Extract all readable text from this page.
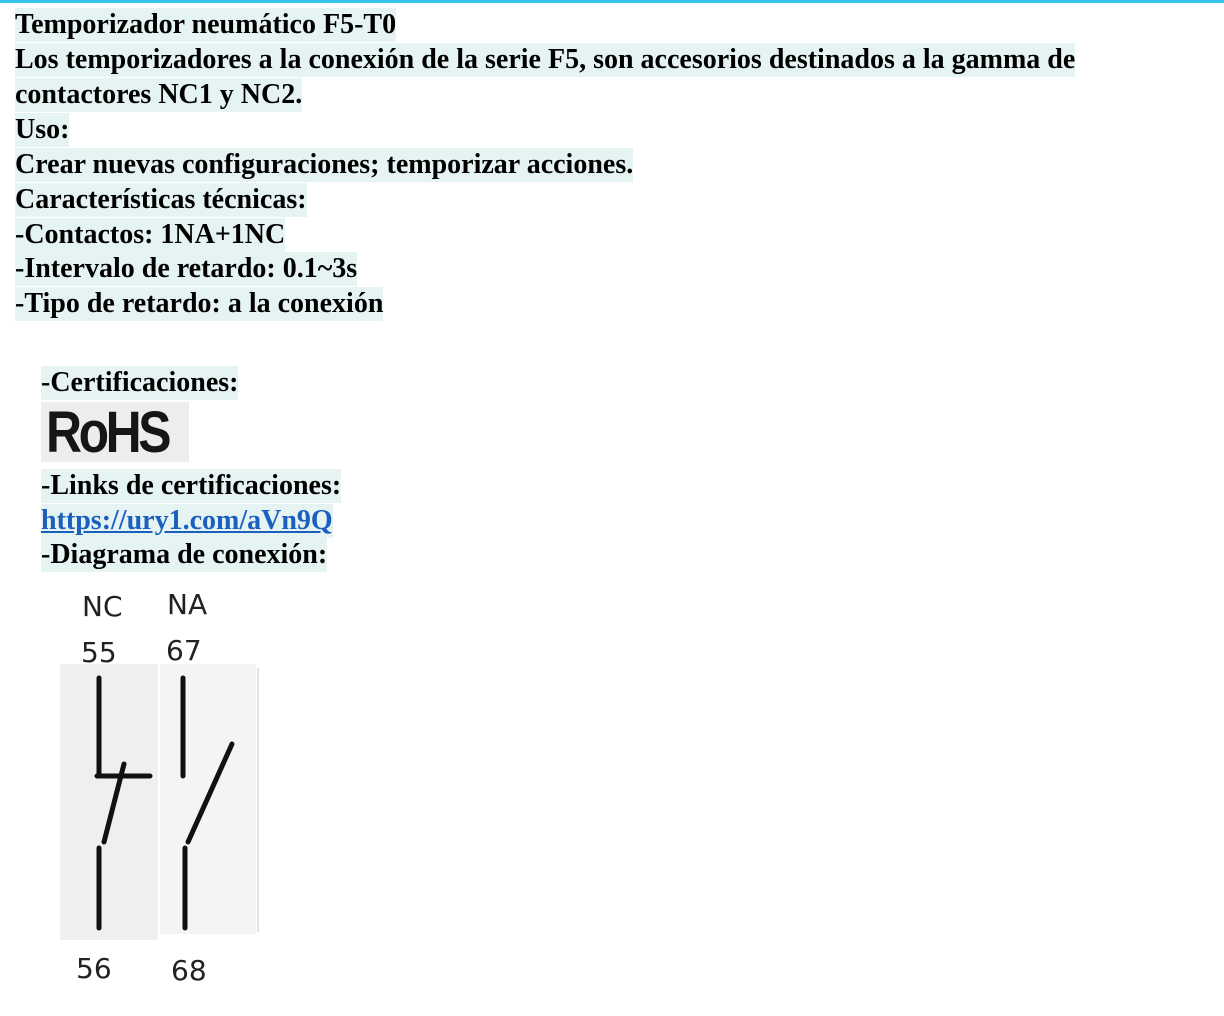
Temporizador neumático F5-T0
Los temporizadores a la conexión de la serie F5, son accesorios destinados a la gamma de
contactores NC1 y NC2.
Uso:
Crear nuevas configuraciones; temporizar acciones.
Características técnicas:
-Contactos: 1NA+1NC
-Intervalo de retardo: 0.1~3s
-Tipo de retardo: a la conexión
-Certificaciones:
RoHS
-Links de certificaciones:
https://ury1.com/aVn9Q
-Diagrama de conexión:
NC NA
55 67
56 68
